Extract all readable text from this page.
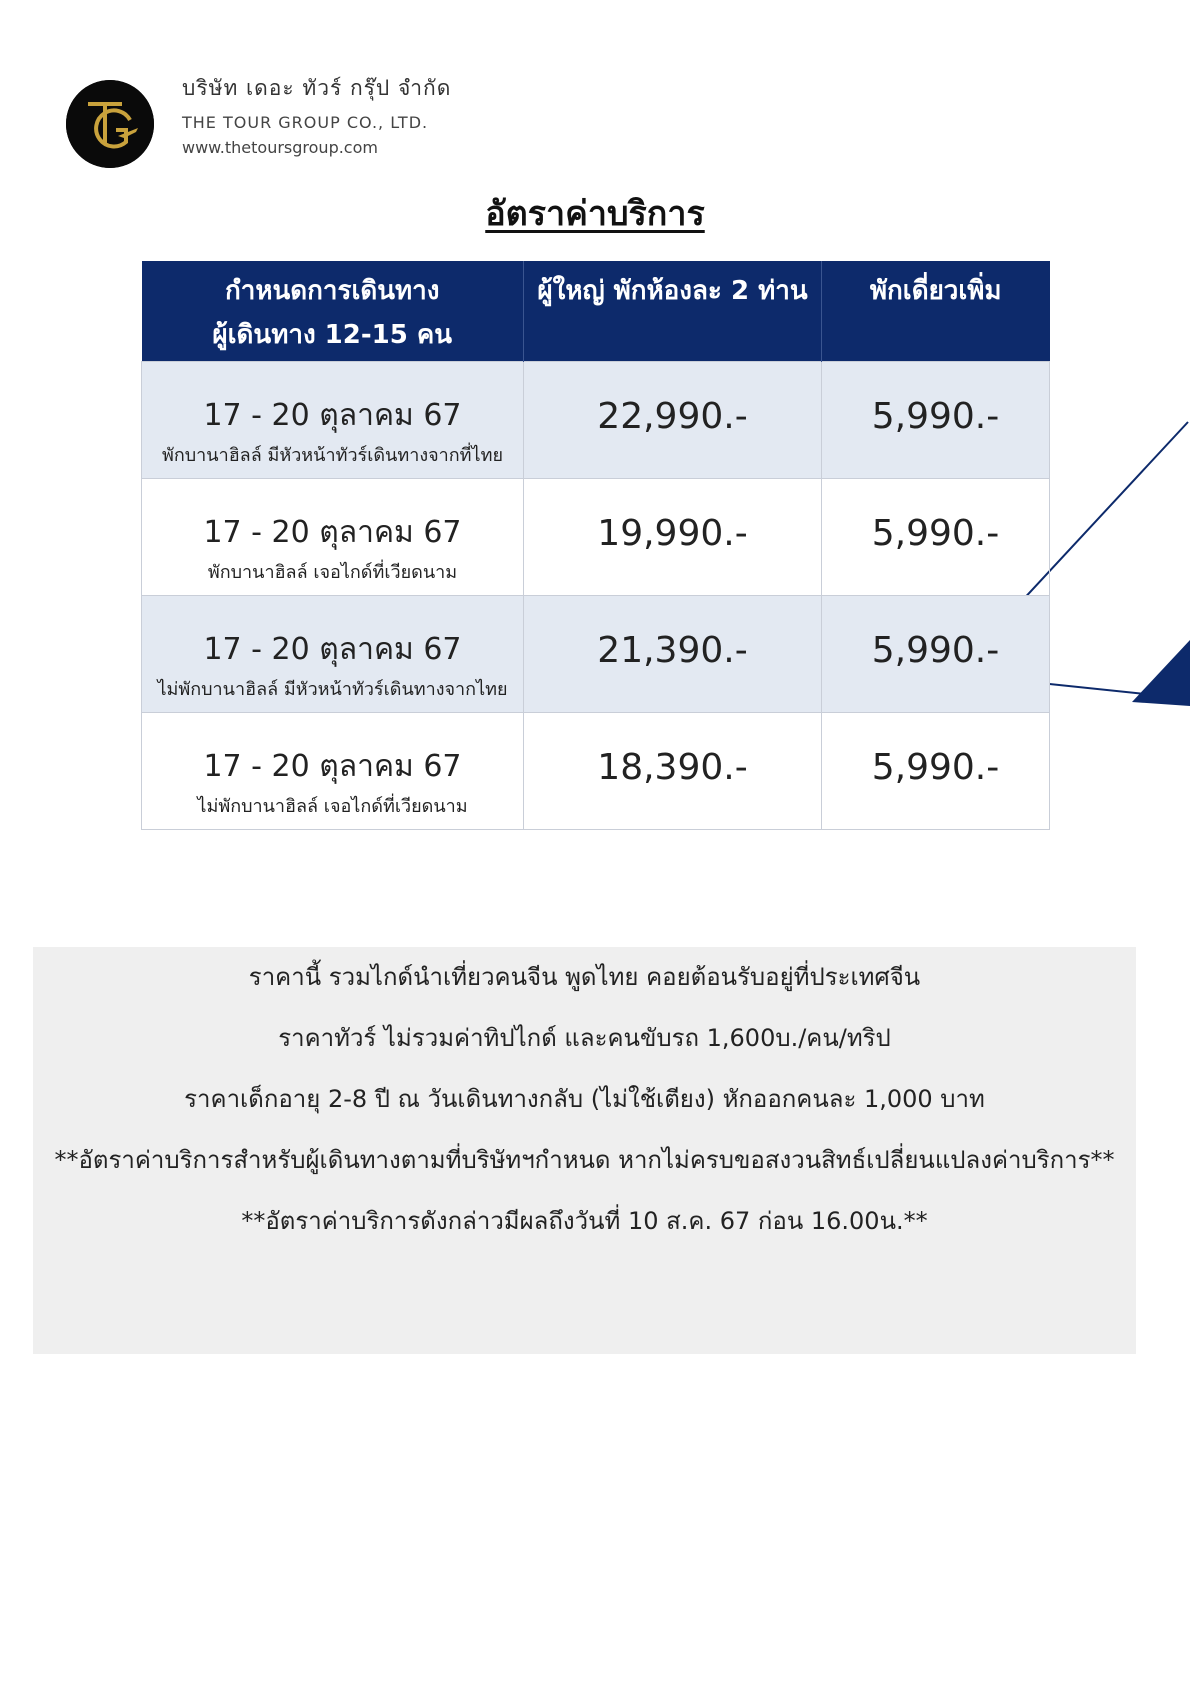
บริษัท เดอะ ทัวร์ กรุ๊ป จำกัด
THE TOUR GROUP CO., LTD.
www.thetoursgroup.com
อัตราค่าบริการ
กำหนดการเดินทาง
ผู้เดินทาง 12-15 คน	ผู้ใหญ่ พักห้องละ 2 ท่าน	พักเดี่ยวเพิ่ม

17 - 20 ตุลาคม 67
พักบานาฮิลล์ มีหัวหน้าทัวร์เดินทางจากที่ไทย	22,990.-	5,990.-

17 - 20 ตุลาคม 67
พักบานาฮิลล์ เจอไกด์ที่เวียดนาม	19,990.-	5,990.-

17 - 20 ตุลาคม 67
ไม่พักบานาฮิลล์ มีหัวหน้าทัวร์เดินทางจากไทย	21,390.-	5,990.-

17 - 20 ตุลาคม 67
ไม่พักบานาฮิลล์ เจอไกด์ที่เวียดนาม	18,390.-	5,990.-
ราคานี้ รวมไกด์นำเที่ยวคนจีน พูดไทย คอยต้อนรับอยู่ที่ประเทศจีน
ราคาทัวร์ ไม่รวมค่าทิปไกด์ และคนขับรถ 1,600บ./คน/ทริป
ราคาเด็กอายุ 2-8 ปี ณ วันเดินทางกลับ (ไม่ใช้เตียง) หักออกคนละ 1,000 บาท
**อัตราค่าบริการสำหรับผู้เดินทางตามที่บริษัทฯกำหนด หากไม่ครบขอสงวนสิทธ์เปลี่ยนแปลงค่าบริการ**
**อัตราค่าบริการดังกล่าวมีผลถึงวันที่ 10 ส.ค. 67 ก่อน 16.00น.**
